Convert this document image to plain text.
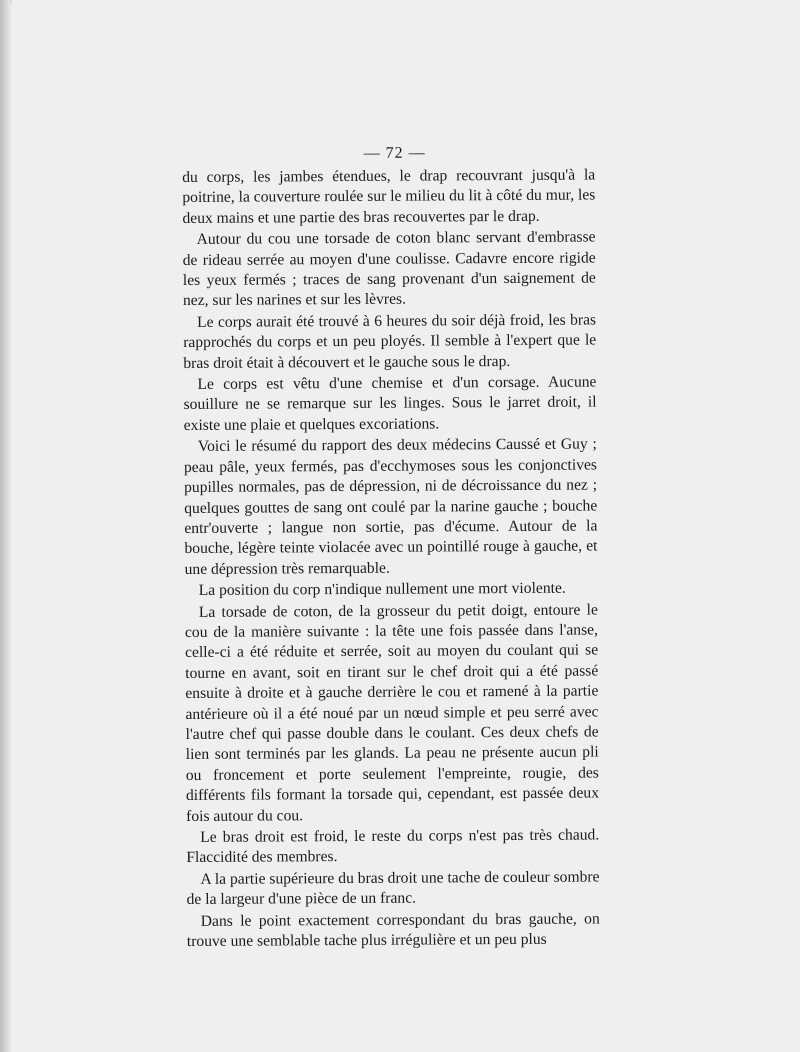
— 72 —

du corps, les jambes étendues, le drap recouvrant jusqu'à la poitrine, la couverture roulée sur le milieu du lit à côté du mur, les deux mains et une partie des bras recouvertes par le drap.

Autour du cou une torsade de coton blanc servant d'embrasse de rideau serrée au moyen d'une coulisse. Cadavre encore rigide les yeux fermés ; traces de sang provenant d'un saignement de nez, sur les narines et sur les lèvres.

Le corps aurait été trouvé à 6 heures du soir déjà froid, les bras rapprochés du corps et un peu ployés. Il semble à l'expert que le bras droit était à découvert et le gauche sous le drap.

Le corps est vêtu d'une chemise et d'un corsage. Aucune souillure ne se remarque sur les linges. Sous le jarret droit, il existe une plaie et quelques excoriations.

Voici le résumé du rapport des deux médecins Caussé et Guy ; peau pâle, yeux fermés, pas d'ecchymoses sous les conjonctives pupilles normales, pas de dépression, ni de décroissance du nez ; quelques gouttes de sang ont coulé par la narine gauche ; bouche entr'ouverte ; langue non sortie, pas d'écume. Autour de la bouche, légère teinte violacée avec un pointillé rouge à gauche, et une dépression très remarquable.

La position du corp n'indique nullement une mort violente.

La torsade de coton, de la grosseur du petit doigt, entoure le cou de la manière suivante : la tête une fois passée dans l'anse, celle-ci a été réduite et serrée, soit au moyen du coulant qui se tourne en avant, soit en tirant sur le chef droit qui a été passé ensuite à droite et à gauche derrière le cou et ramené à la partie antérieure où il a été noué par un nœud simple et peu serré avec l'autre chef qui passe double dans le coulant. Ces deux chefs de lien sont terminés par les glands. La peau ne présente aucun pli ou froncement et porte seulement l'empreinte, rougie, des différents fils formant la torsade qui, cependant, est passée deux fois autour du cou.

Le bras droit est froid, le reste du corps n'est pas très chaud. Flaccidité des membres.

A la partie supérieure du bras droit une tache de couleur sombre de la largeur d'une pièce de un franc.

Dans le point exactement correspondant du bras gauche, on trouve une semblable tache plus irrégulière et un peu plus
